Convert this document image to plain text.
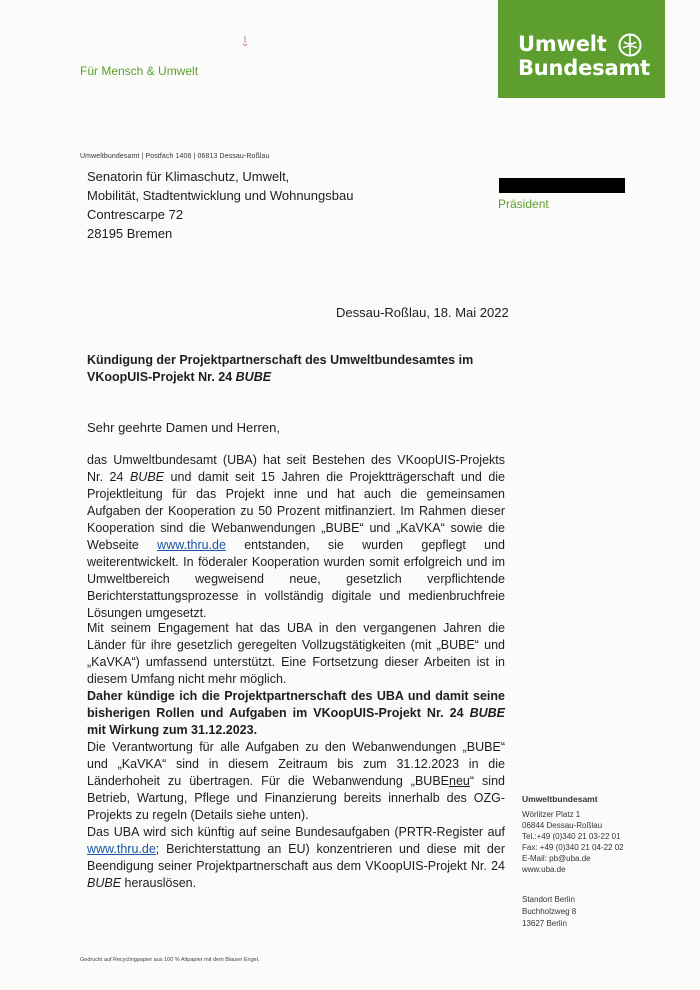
Umwelt
Bundesamt
Für Mensch & Umwelt
Umweltbundesamt | Postfach 1406 | 06813 Dessau-Roßlau
Senatorin für Klimaschutz, Umwelt,
Mobilität, Stadtentwicklung und Wohnungsbau
Contrescarpe 72
28195 Bremen
Präsident
Dessau-Roßlau, 18. Mai 2022
Kündigung der Projektpartnerschaft des Umweltbundesamtes im VKoopUIS-Projekt Nr. 24 BUBE
Sehr geehrte Damen und Herren,
das Umweltbundesamt (UBA) hat seit Bestehen des VKoopUIS-Projekts Nr. 24 BUBE und damit seit 15 Jahren die Projektträgerschaft und die Projektleitung für das Projekt inne und hat auch die gemeinsamen Aufgaben der Kooperation zu 50 Prozent mitfinanziert. Im Rahmen dieser Kooperation sind die Webanwendungen „BUBE“ und „KaVKA“ sowie die Webseite www.thru.de entstanden, sie wurden gepflegt und weiterentwickelt. In föderaler Kooperation wurden somit erfolgreich und im Umweltbereich wegweisend neue, gesetzlich verpflichtende Berichterstattungsprozesse in vollständig digitale und medienbruchfreie Lösungen umgesetzt.
Mit seinem Engagement hat das UBA in den vergangenen Jahren die Länder für ihre gesetzlich geregelten Vollzugstätigkeiten (mit „BUBE“ und „KaVKA“) umfassend unterstützt. Eine Fortsetzung dieser Arbeiten ist in diesem Umfang nicht mehr möglich.
Daher kündige ich die Projektpartnerschaft des UBA und damit seine bisherigen Rollen und Aufgaben im VKoopUIS-Projekt Nr. 24 BUBE mit Wirkung zum 31.12.2023.
Die Verantwortung für alle Aufgaben zu den Webanwendungen „BUBE“ und „KaVKA“ sind in diesem Zeitraum bis zum 31.12.2023 in die Länderhoheit zu übertragen. Für die Webanwendung „BUBEneu“ sind Betrieb, Wartung, Pflege und Finanzierung bereits innerhalb des OZG-Projekts zu regeln (Details siehe unten).
Das UBA wird sich künftig auf seine Bundesaufgaben (PRTR-Register auf www.thru.de; Berichterstattung an EU) konzentrieren und diese mit der Beendigung seiner Projektpartnerschaft aus dem VKoopUIS-Projekt Nr. 24 BUBE herauslösen.
Umweltbundesamt
Wörlitzer Platz 1
06844 Dessau-Roßlau
Tel.:+49 (0)340 21 03-22 01
Fax: +49 (0)340 21 04-22 02
E-Mail: pb@uba.de
www.uba.de
Standort Berlin
Buchholzweg 8
13627 Berlin
Gedruckt auf Recyclingpapier aus 100 % Altpapier mit dem Blauen Engel.
